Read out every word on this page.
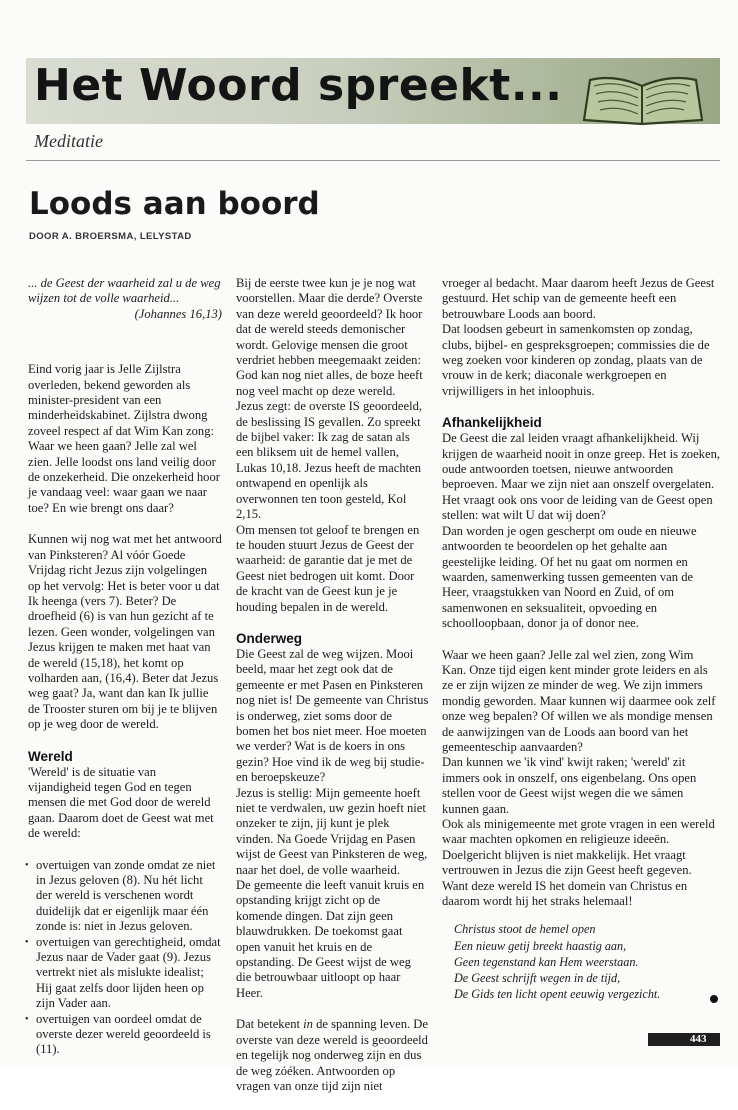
Het Woord spreekt...
Meditatie
Loods aan boord
DOOR A. BROERSMA, LELYSTAD
... de Geest der waarheid zal u de weg
wijzen tot de volle waarheid...
(Johannes 16,13)

Eind vorig jaar is Jelle Zijlstra overleden, bekend geworden als minister-president van een minderheidskabinet. Zijlstra dwong zoveel respect af dat Wim Kan zong: Waar we heen gaan? Jelle zal wel zien. Jelle loodst ons land veilig door de onzekerheid. Die onzekerheid hoor je vandaag veel: waar gaan we naar toe? En wie brengt ons daar?

Kunnen wij nog wat met het antwoord van Pinksteren? Al vóór Goede Vrijdag richt Jezus zijn volgelingen op het vervolg: Het is beter voor u dat Ik heenga (vers 7). Beter? De droefheid (6) is van hun gezicht af te lezen. Geen wonder, volgelingen van Jezus krijgen te maken met haat van de wereld (15,18), het komt op volharden aan, (16,4). Beter dat Jezus weg gaat? Ja, want dan kan Ik jullie de Trooster sturen om bij je te blijven op je weg door de wereld.

Wereld

'Wereld' is de situatie van vijandigheid tegen God en tegen mensen die met God door de wereld gaan. Daarom doet de Geest wat met de wereld:

• overtuigen van zonde omdat ze niet in Jezus geloven (8). Nu hét licht der wereld is verschenen wordt duidelijk dat er eigenlijk maar één zonde is: niet in Jezus geloven.
• overtuigen van gerechtigheid, omdat Jezus naar de Vader gaat (9). Jezus vertrekt niet als mislukte idealist; Hij gaat zelfs door lijden heen op zijn Vader aan.
• overtuigen van oordeel omdat de overste dezer wereld geoordeeld is (11).
Bij de eerste twee kun je je nog wat voorstellen. Maar die derde? Overste van deze wereld geoordeeld? Ik hoor dat de wereld steeds demonischer wordt. Gelovige mensen die groot verdriet hebben meegemaakt zeiden: God kan nog niet alles, de boze heeft nog veel macht op deze wereld.
Jezus zegt: de overste IS geoordeeld, de beslissing IS gevallen. Zo spreekt de bijbel vaker: Ik zag de satan als een bliksem uit de hemel vallen, Lukas 10,18. Jezus heeft de machten ontwapend en openlijk als overwonnen ten toon gesteld, Kol 2,15.

Om mensen tot geloof te brengen en te houden stuurt Jezus de Geest der waarheid: de garantie dat je met de Geest niet bedrogen uit komt. Door de kracht van de Geest kun je je houding bepalen in de wereld.

Onderweg
Die Geest zal de weg wijzen. Mooi beeld, maar het zegt ook dat de gemeente er met Pasen en Pinksteren nog niet is! De gemeente van Christus is onderweg, ziet soms door de bomen het bos niet meer. Hoe moeten we verder? Wat is de koers in ons gezin? Hoe vind ik de weg bij studie- en beroepskeuze?
Jezus is stellig: Mijn gemeente hoeft niet te verdwalen, uw gezin hoeft niet onzeker te zijn, jij kunt je plek vinden. Na Goede Vrijdag en Pasen wijst de Geest van Pinksteren de weg, naar het doel, de volle waarheid.

De gemeente die leeft vanuit kruis en opstanding krijgt zicht op de komende dingen. Dat zijn geen blauwdrukken. De toekomst gaat open vanuit het kruis en de opstanding. De Geest wijst de weg die betrouwbaar uitloopt op haar Heer.

Dat betekent in de spanning leven. De overste van deze wereld is geoordeeld en tegelijk nog onderweg zijn en dus de weg zóéken. Antwoorden op vragen van onze tijd zijn niet

vroeger al bedacht. Maar daarom heeft Jezus de Geest gestuurd. Het schip van de gemeente heeft een betrouwbare Loods aan boord.

Dat loodsen gebeurt in samenkomsten op zondag, clubs, bijbel- en gespreksgroepen; commissies die de weg zoeken voor kinderen op zondag, plaats van de vrouw in de kerk; diaconale werkgroepen en vrijwilligers in het inloophuis.

Afhankelijkheid
De Geest die zal leiden vraagt afhankelijkheid. Wij krijgen de waarheid nooit in onze greep. Het is zoeken, oude antwoorden toetsen, nieuwe antwoorden beproeven. Maar we zijn niet aan onszelf overgelaten. Het vraagt ook ons voor de leiding van de Geest open stellen: wat wilt U dat wij doen?

Dan worden je ogen gescherpt om oude en nieuwe antwoorden te beoordelen op het gehalte aan geestelijke leiding. Of het nu gaat om normen en waarden, samenwerking tussen gemeenten van de Heer, vraagstukken van Noord en Zuid, of om samenwonen en seksualiteit, opvoeding en schoolloopbaan, donor ja of donor nee.

Waar we heen gaan? Jelle zal wel zien, zong Wim Kan. Onze tijd eigen kent minder grote leiders en als ze er zijn wijzen ze minder de weg. We zijn immers mondig geworden. Maar kunnen wij daarmee ook zelf onze weg bepalen? Of willen we als mondige mensen de aanwijzingen van de Loods aan boord van het gemeenteschip aanvaarden?
Dan kunnen we 'ik vind' kwijt raken; 'wereld' zit immers ook in onszelf, ons eigenbelang. Ons open stellen voor de Geest wijst wegen die we sámen kunnen gaan.
Ook als minigemeente met grote vragen in een wereld waar machten opkomen en religieuze ideeën. Doelgericht blijven is niet makkelijk. Het vraagt vertrouwen in Jezus die zijn Geest heeft gegeven. Want deze wereld IS het domein van Christus en daarom wordt hij het straks helemaal!
Christus stoot de hemel open
Een nieuw getij breekt haastig aan,
Geen tegenstand kan Hem weerstaan.
De Geest schrijft wegen in de tijd,
De Gids ten licht opent eeuwig vergezicht.
443
